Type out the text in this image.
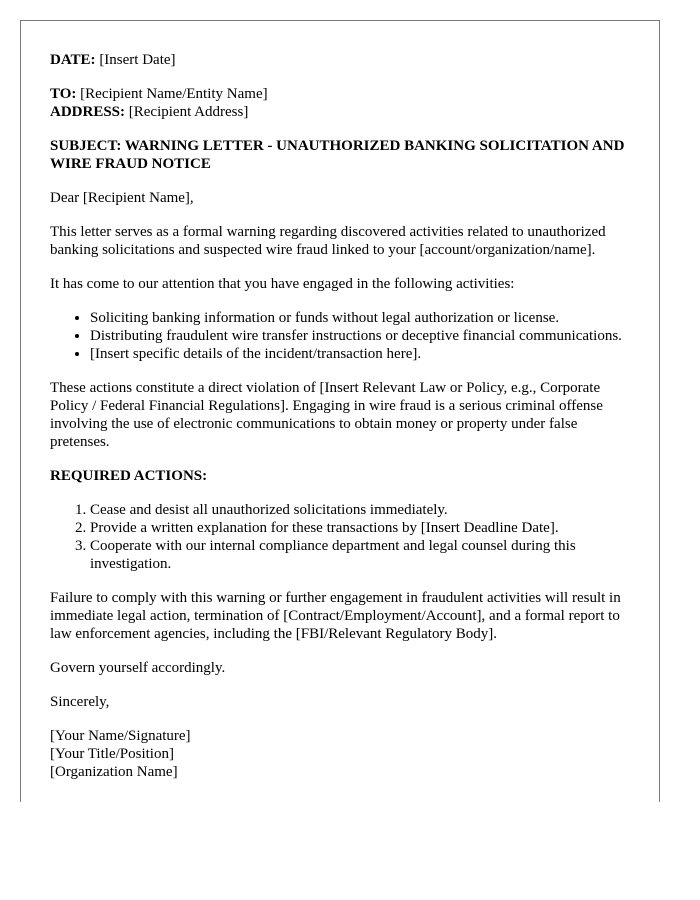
DATE: [Insert Date]

TO: [Recipient Name/Entity Name]
ADDRESS: [Recipient Address]

SUBJECT: WARNING LETTER - UNAUTHORIZED BANKING SOLICITATION AND WIRE FRAUD NOTICE

Dear [Recipient Name],

This letter serves as a formal warning regarding discovered activities related to unauthorized banking solicitations and suspected wire fraud linked to your [account/organization/name].

It has come to our attention that you have engaged in the following activities:

• Soliciting banking information or funds without legal authorization or license.
• Distributing fraudulent wire transfer instructions or deceptive financial communications.
• [Insert specific details of the incident/transaction here].

These actions constitute a direct violation of [Insert Relevant Law or Policy, e.g., Corporate Policy / Federal Financial Regulations]. Engaging in wire fraud is a serious criminal offense involving the use of electronic communications to obtain money or property under false pretenses.

REQUIRED ACTIONS:

1. Cease and desist all unauthorized solicitations immediately.
2. Provide a written explanation for these transactions by [Insert Deadline Date].
3. Cooperate with our internal compliance department and legal counsel during this investigation.

Failure to comply with this warning or further engagement in fraudulent activities will result in immediate legal action, termination of [Contract/Employment/Account], and a formal report to law enforcement agencies, including the [FBI/Relevant Regulatory Body].

Govern yourself accordingly.

Sincerely,

[Your Name/Signature]
[Your Title/Position]
[Organization Name]
